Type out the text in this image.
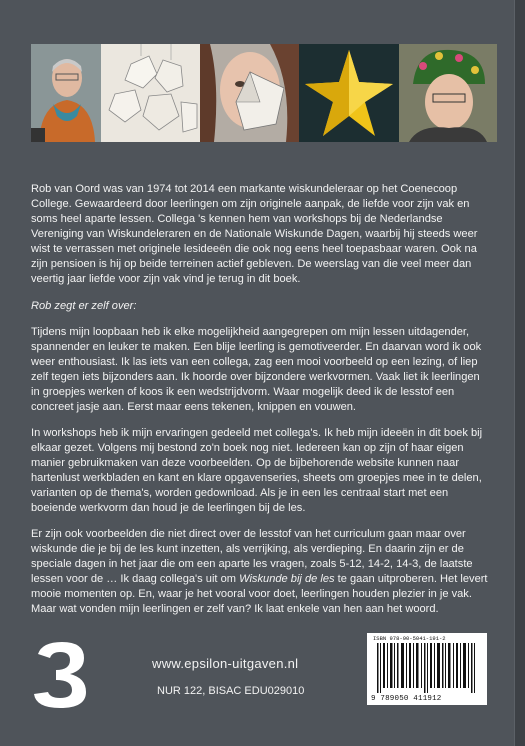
Rob van Oord was van 1974 tot 2014 een markante wiskundeleraar op het Coenecoop College. Gewaardeerd door leerlingen om zijn originele aanpak, de liefde voor zijn vak en soms heel aparte lessen. Collega 's kennen hem van workshops bij de Nederlandse Vereniging van Wiskundeleraren en de Nationale Wiskunde Dagen, waarbij hij steeds weer wist te verrassen met originele lesideeën die ook nog eens heel toepasbaar waren. Ook na zijn pensioen is hij op beide terreinen actief gebleven. De weerslag van die veel meer dan veertig jaar liefde voor zijn vak vind je terug in dit boek.

Rob zegt er zelf over:

Tijdens mijn loopbaan heb ik elke mogelijkheid aangegrepen om mijn lessen uitdagender, spannender en leuker te maken. Een blije leerling is gemotiveerder. En daarvan word ik ook weer enthousiast. Ik las iets van een collega, zag een mooi voorbeeld op een lezing, of liep zelf tegen iets bijzonders aan. Ik hoorde over bijzondere werkvormen. Vaak liet ik leerlingen in groepjes werken of koos ik een wedstrijdvorm. Waar mogelijk deed ik de lesstof een concreet jasje aan. Eerst maar eens tekenen, knippen en vouwen.

In workshops heb ik mijn ervaringen gedeeld met collega's. Ik heb mijn ideeën in dit boek bij elkaar gezet. Volgens mij bestond zo'n boek nog niet. Iedereen kan op zijn of haar eigen manier gebruikmaken van deze voorbeelden. Op de bijbehorende website kunnen naar hartenlust werkbladen en kant en klare opgavenseries, sheets om groepjes mee in te delen, varianten op de thema's, worden gedownload. Als je in een les centraal start met een boeiende werkvorm dan houd je de leerlingen bij de les.

Er zijn ook voorbeelden die niet direct over de lesstof van het curriculum gaan maar over wiskunde die je bij de les kunt inzetten, als verrijking, als verdieping. En daarin zijn er de speciale dagen in het jaar die om een aparte les vragen, zoals 5-12, 14-2, 14-3, de laatste lessen voor de … Ik daag collega's uit om Wiskunde bij de les te gaan uitproberen. Het levert mooie momenten op. En, waar je het vooral voor doet, leerlingen houden plezier in je vak. Maar wat vonden mijn leerlingen er zelf van? Ik laat enkele van hen aan het woord.

www.epsilon-uitgaven.nl
NUR 122, BISAC EDU029010
ISBN 978-90-5041-191-2
9 789050 411912
